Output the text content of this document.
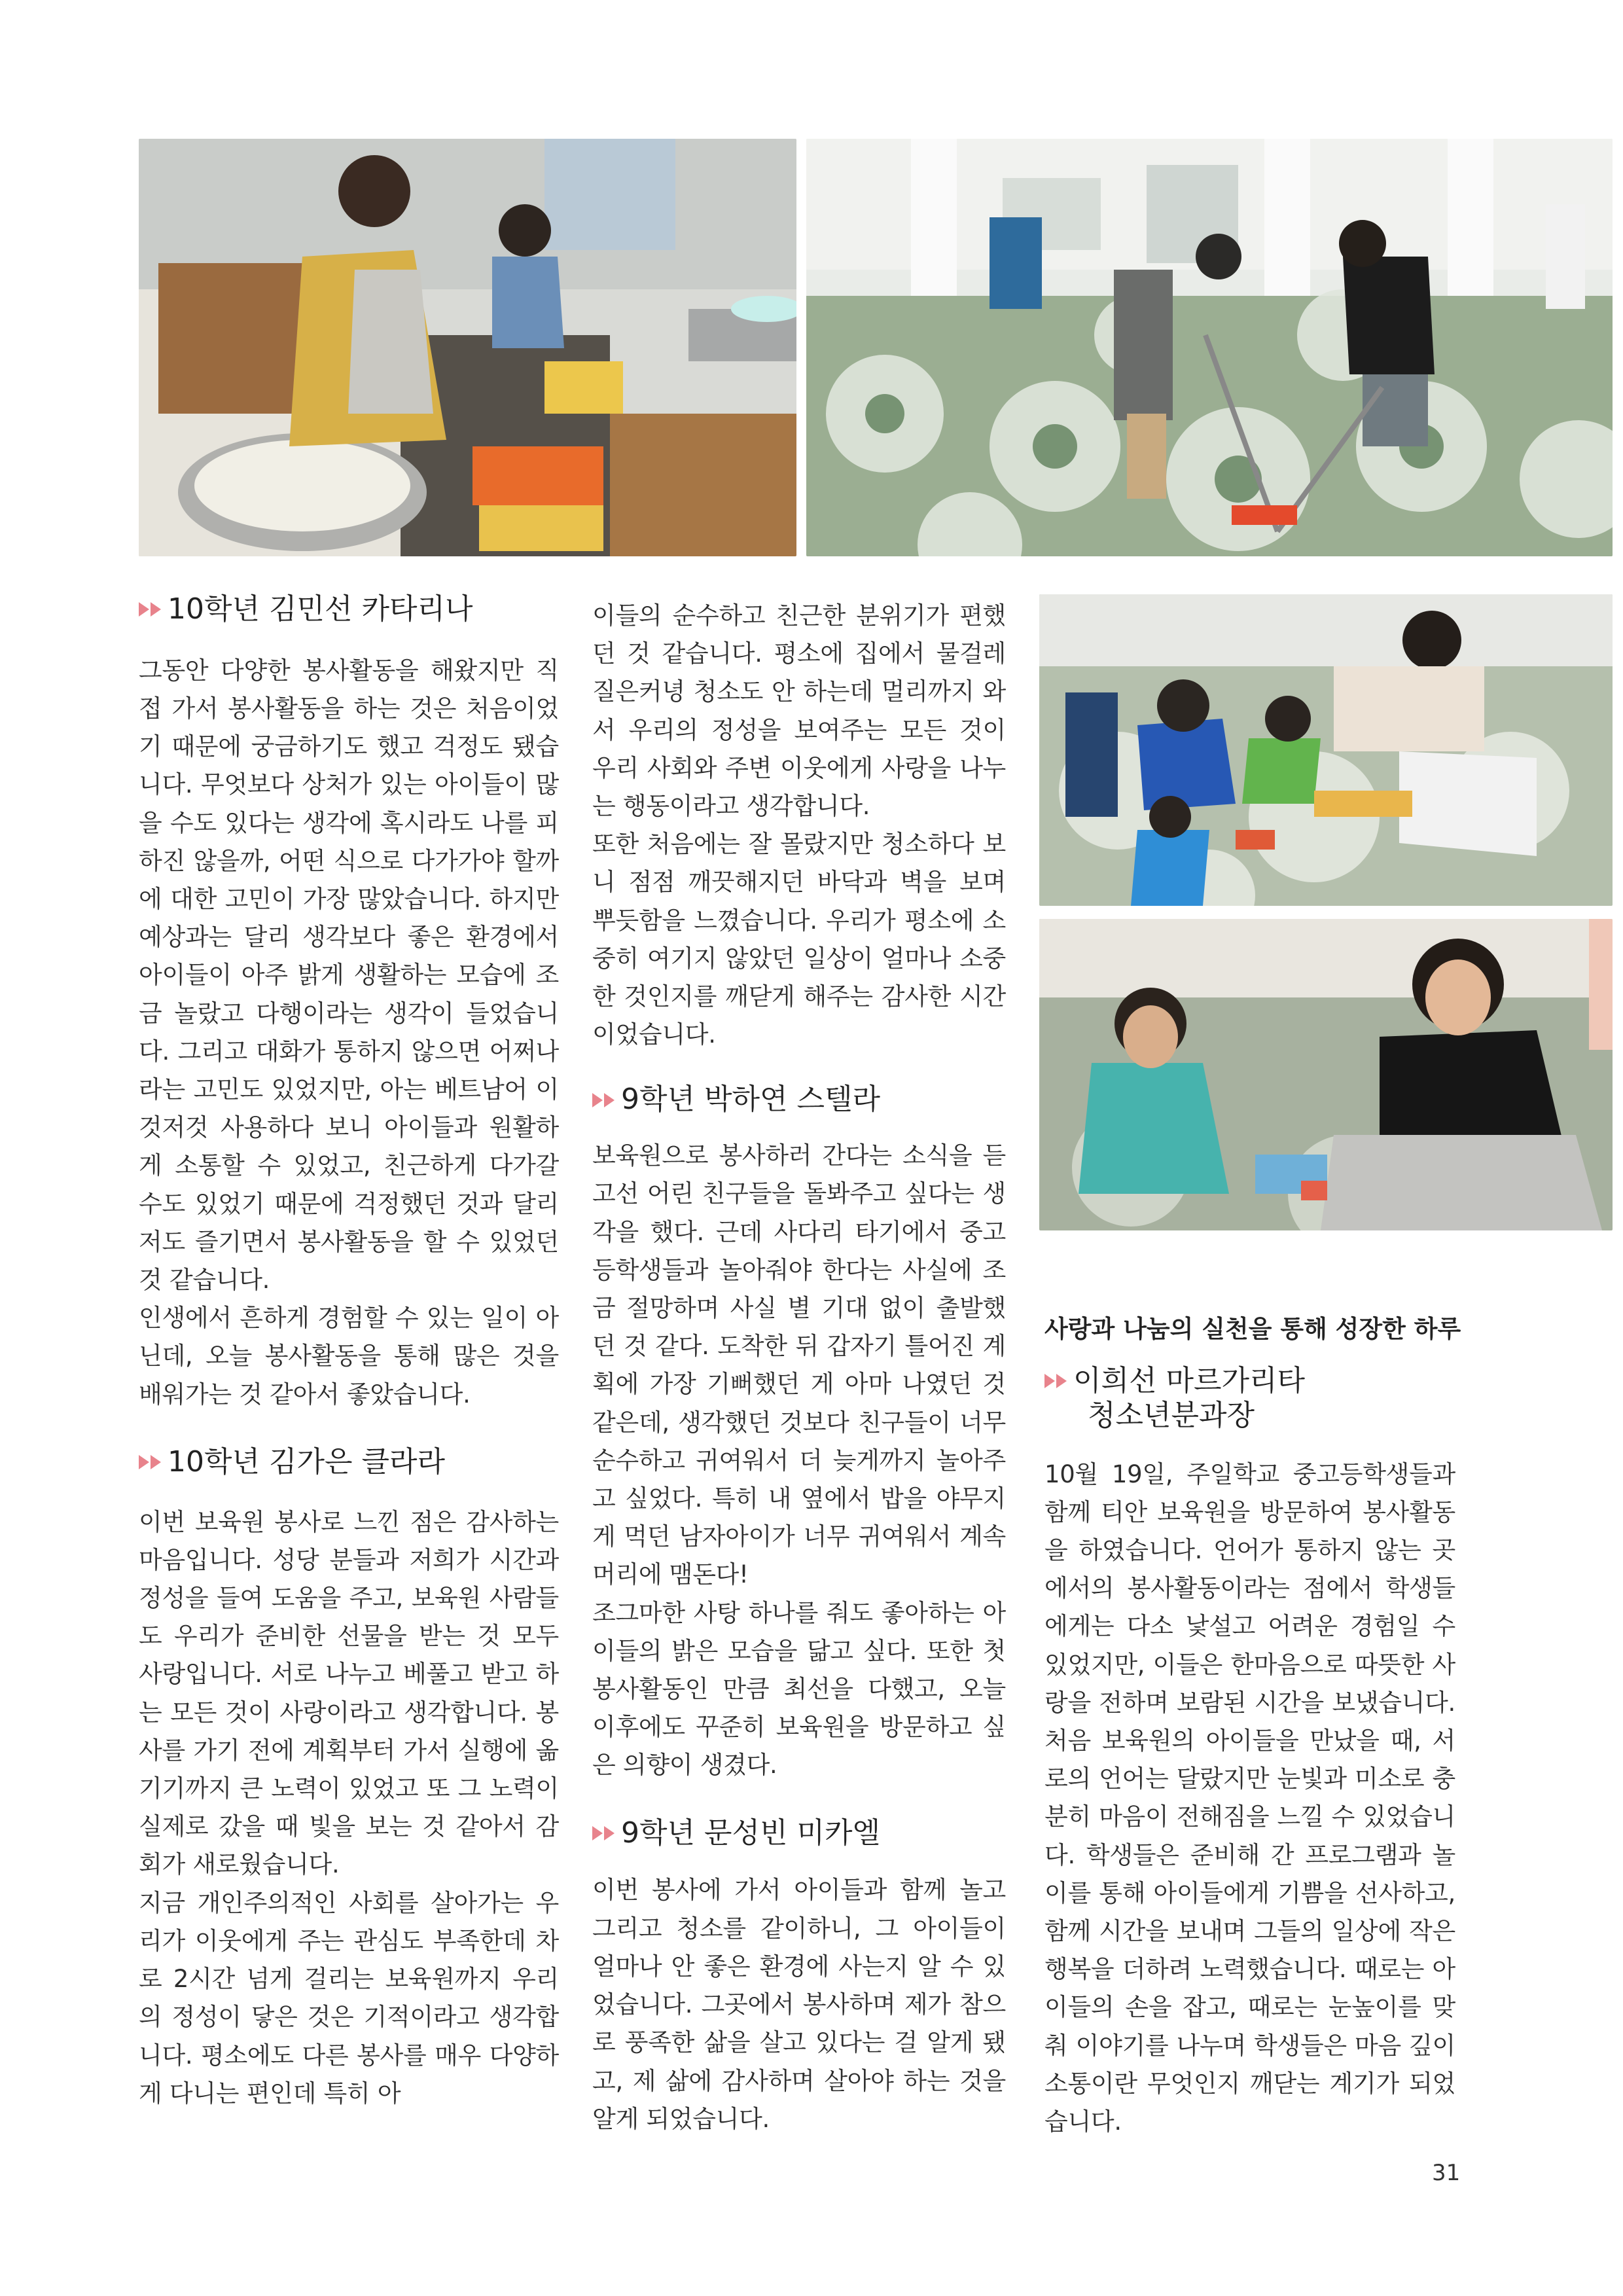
10학년 김민선 카타리나

그동안 다양한 봉사활동을 해왔지만 직접 가서 봉사활동을 하는 것은 처음이었기 때문에 궁금하기도 했고 걱정도 됐습니다. 무엇보다 상처가 있는 아이들이 많을 수도 있다는 생각에 혹시라도 나를 피하진 않을까, 어떤 식으로 다가가야 할까에 대한 고민이 가장 많았습니다. 하지만 예상과는 달리 생각보다 좋은 환경에서 아이들이 아주 밝게 생활하는 모습에 조금 놀랐고 다행이라는 생각이 들었습니다. 그리고 대화가 통하지 않으면 어쩌나 라는 고민도 있었지만, 아는 베트남어 이것저것 사용하다 보니 아이들과 원활하게 소통할 수 있었고, 친근하게 다가갈 수도 있었기 때문에 걱정했던 것과 달리 저도 즐기면서 봉사활동을 할 수 있었던 것 같습니다.

인생에서 흔하게 경험할 수 있는 일이 아닌데, 오늘 봉사활동을 통해 많은 것을 배워가는 것 같아서 좋았습니다.

10학년 김가은 클라라

이번 보육원 봉사로 느낀 점은 감사하는 마음입니다. 성당 분들과 저희가 시간과 정성을 들여 도움을 주고, 보육원 사람들도 우리가 준비한 선물을 받는 것 모두 사랑입니다. 서로 나누고 베풀고 받고 하는 모든 것이 사랑이라고 생각합니다. 봉사를 가기 전에 계획부터 가서 실행에 옮기기까지 큰 노력이 있었고 또 그 노력이 실제로 갔을 때 빛을 보는 것 같아서 감회가 새로웠습니다.

지금 개인주의적인 사회를 살아가는 우리가 이웃에게 주는 관심도 부족한데 차로 2시간 넘게 걸리는 보육원까지 우리의 정성이 닿은 것은 기적이라고 생각합니다. 평소에도 다른 봉사를 매우 다양하게 다니는 편인데 특히 아

이들의 순수하고 친근한 분위기가 편했던 것 같습니다. 평소에 집에서 물걸레질은커녕 청소도 안 하는데 멀리까지 와서 우리의 정성을 보여주는 모든 것이 우리 사회와 주변 이웃에게 사랑을 나누는 행동이라고 생각합니다.

또한 처음에는 잘 몰랐지만 청소하다 보니 점점 깨끗해지던 바닥과 벽을 보며 뿌듯함을 느꼈습니다. 우리가 평소에 소중히 여기지 않았던 일상이 얼마나 소중한 것인지를 깨닫게 해주는 감사한 시간이었습니다.

9학년 박하연 스텔라

보육원으로 봉사하러 간다는 소식을 듣고선 어린 친구들을 돌봐주고 싶다는 생각을 했다. 근데 사다리 타기에서 중고등학생들과 놀아줘야 한다는 사실에 조금 절망하며 사실 별 기대 없이 출발했던 것 같다. 도착한 뒤 갑자기 틀어진 계획에 가장 기뻐했던 게 아마 나였던 것 같은데, 생각했던 것보다 친구들이 너무 순수하고 귀여워서 더 늦게까지 놀아주고 싶었다. 특히 내 옆에서 밥을 야무지게 먹던 남자아이가 너무 귀여워서 계속 머리에 맴돈다!

조그마한 사탕 하나를 줘도 좋아하는 아이들의 밝은 모습을 닮고 싶다. 또한 첫 봉사활동인 만큼 최선을 다했고, 오늘 이후에도 꾸준히 보육원을 방문하고 싶은 의향이 생겼다.

9학년 문성빈 미카엘

이번 봉사에 가서 아이들과 함께 놀고 그리고 청소를 같이하니, 그 아이들이 얼마나 안 좋은 환경에 사는지 알 수 있었습니다. 그곳에서 봉사하며 제가 참으로 풍족한 삶을 살고 있다는 걸 알게 됐고, 제 삶에 감사하며 살아야 하는 것을 알게 되었습니다.

사랑과 나눔의 실천을 통해 성장한 하루
이희선 마르가리타
청소년분과장

10월 19일, 주일학교 중고등학생들과 함께 티안 보육원을 방문하여 봉사활동을 하였습니다. 언어가 통하지 않는 곳에서의 봉사활동이라는 점에서 학생들에게는 다소 낯설고 어려운 경험일 수 있었지만, 이들은 한마음으로 따뜻한 사랑을 전하며 보람된 시간을 보냈습니다. 처음 보육원의 아이들을 만났을 때, 서로의 언어는 달랐지만 눈빛과 미소로 충분히 마음이 전해짐을 느낄 수 있었습니다. 학생들은 준비해 간 프로그램과 놀이를 통해 아이들에게 기쁨을 선사하고, 함께 시간을 보내며 그들의 일상에 작은 행복을 더하려 노력했습니다. 때로는 아이들의 손을 잡고, 때로는 눈높이를 맞춰 이야기를 나누며 학생들은 마음 깊이 소통이란 무엇인지 깨닫는 계기가 되었습니다.

31
